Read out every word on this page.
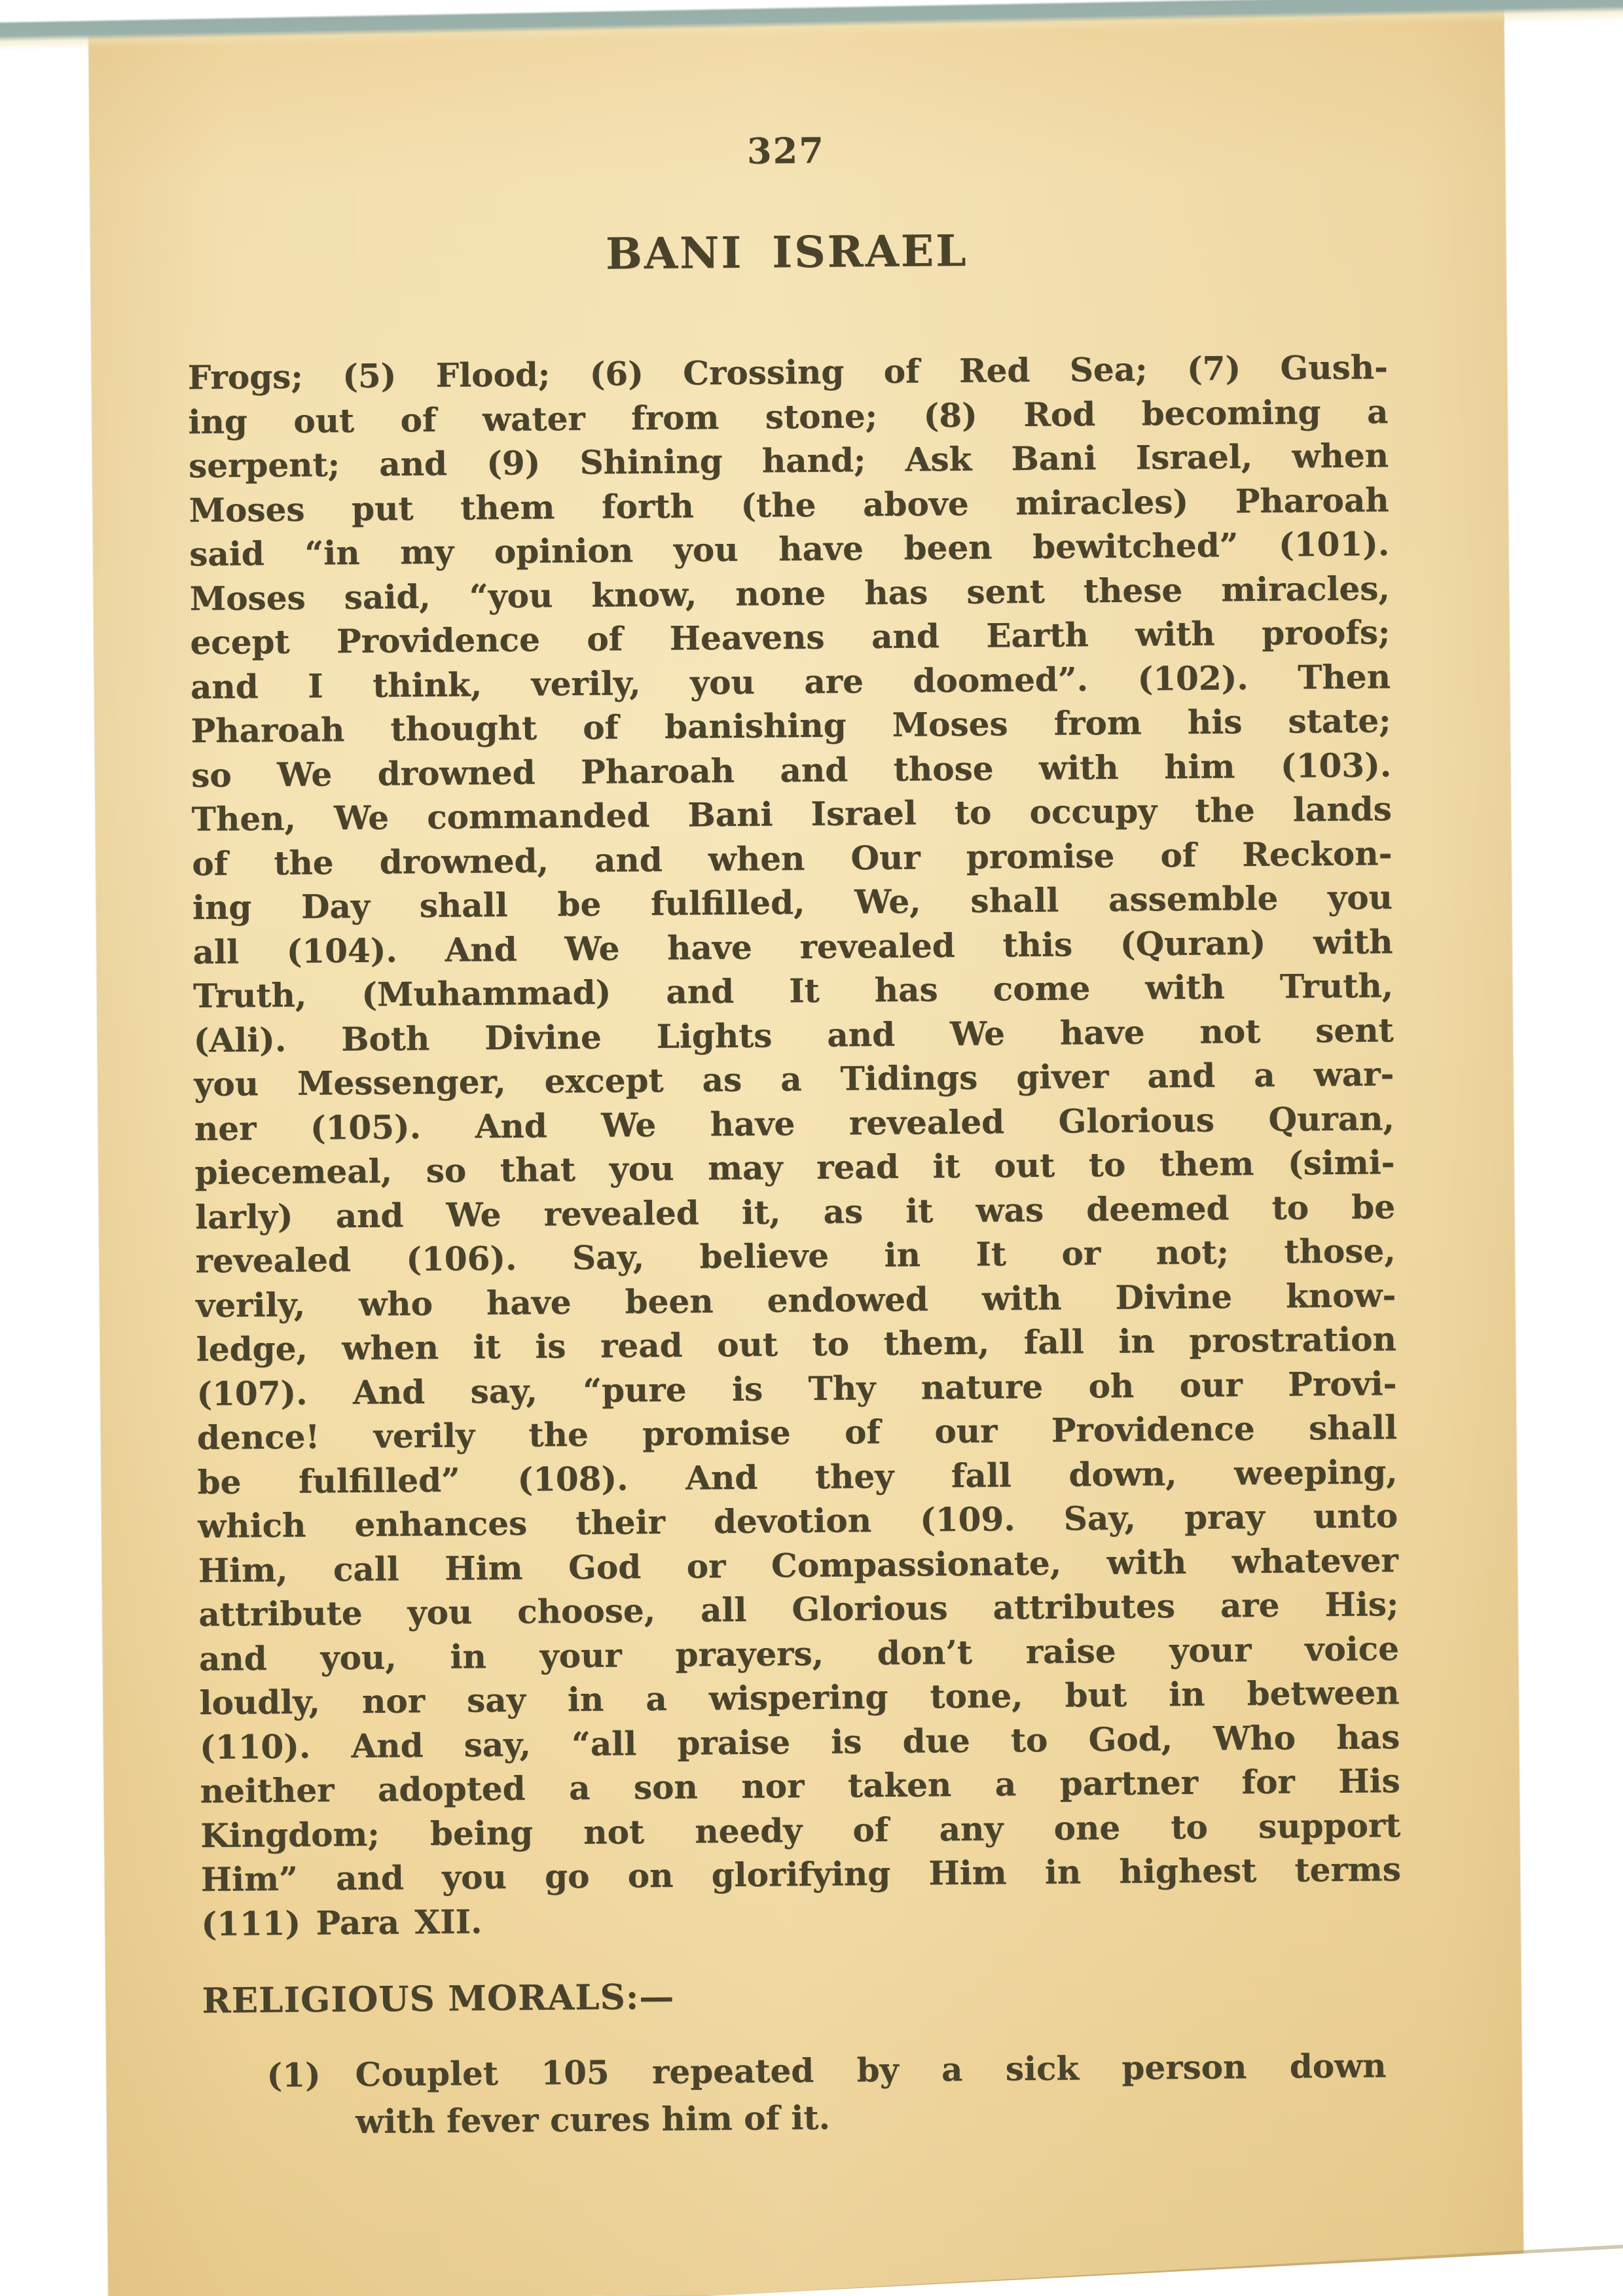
327
BANI ISRAEL
Frogs; (5) Flood; (6) Crossing of Red Sea; (7) Gush-
ing out of water from stone; (8) Rod becoming a
serpent; and (9) Shining hand; Ask Bani Israel, when
Moses put them forth (the above miracles) Pharoah
said “in my opinion you have been bewitched” (101).
Moses said, “you know, none has sent these miracles,
ecept Providence of Heavens and Earth with proofs;
and I think, verily, you are doomed”. (102). Then
Pharoah thought of banishing Moses from his state;
so We drowned Pharoah and those with him (103).
Then, We commanded Bani Israel to occupy the lands
of the drowned, and when Our promise of Reckon-
ing Day shall be fulfilled, We, shall assemble you
all (104). And We have revealed this (Quran) with
Truth, (Muhammad) and It has come with Truth,
(Ali). Both Divine Lights and We have not sent
you Messenger, except as a Tidings giver and a war-
ner (105). And We have revealed Glorious Quran,
piecemeal, so that you may read it out to them (simi-
larly) and We revealed it, as it was deemed to be
revealed (106). Say, believe in It or not; those,
verily, who have been endowed with Divine know-
ledge, when it is read out to them, fall in prostration
(107). And say, “pure is Thy nature oh our Provi-
dence! verily the promise of our Providence shall
be fulfilled” (108). And they fall down, weeping,
which enhances their devotion (109. Say, pray unto
Him, call Him God or Compassionate, with whatever
attribute you choose, all Glorious attributes are His;
and you, in your prayers, don’t raise your voice
loudly, nor say in a wispering tone, but in between
(110). And say, “all praise is due to God, Who has
neither adopted a son nor taken a partner for His
Kingdom; being not needy of any one to support
Him” and you go on glorifying Him in highest terms
(111) Para XII.
RELIGIOUS MORALS:—
(1) Couplet 105 repeated by a sick person down
with fever cures him of it.
